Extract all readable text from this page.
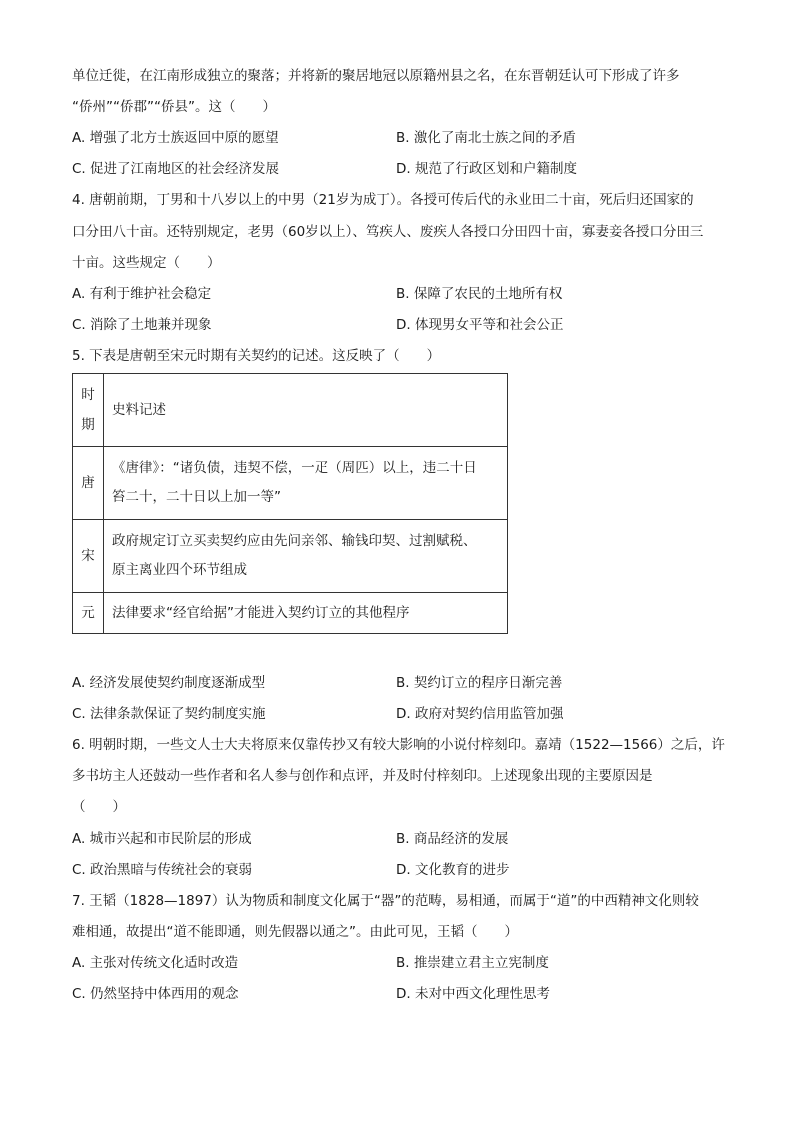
单位迁徙，在江南形成独立的聚落；并将新的聚居地冠以原籍州县之名，在东晋朝廷认可下形成了许多
“侨州”“侨郡”“侨县”。这（　　）
A. 增强了北方士族返回中原的愿望	B. 激化了南北士族之间的矛盾
C. 促进了江南地区的社会经济发展	D. 规范了行政区划和户籍制度
4. 唐朝前期，丁男和十八岁以上的中男（21岁为成丁）。各授可传后代的永业田二十亩，死后归还国家的
口分田八十亩。还特别规定，老男（60岁以上）、笃疾人、废疾人各授口分田四十亩，寡妻妾各授口分田三
十亩。这些规定（　　）
A. 有利于维护社会稳定	B. 保障了农民的土地所有权
C. 消除了土地兼并现象	D. 体现男女平等和社会公正
5. 下表是唐朝至宋元时期有关契约的记述。这反映了（　　）
时
期	史料记述
唐	《唐律》：“诸负债，违契不偿，一疋（周匹）以上，违二十日
笞二十，二十日以上加一等”

宋	政府规定订立买卖契约应由先问亲邻、输钱印契、过割赋税、
原主离业四个环节组成

元	法律要求“经官给据”才能进入契约订立的其他程序
A. 经济发展使契约制度逐渐成型	B. 契约订立的程序日渐完善
C. 法律条款保证了契约制度实施	D. 政府对契约信用监管加强
6. 明朝时期，一些文人士大夫将原来仅靠传抄又有较大影响的小说付梓刻印。嘉靖（1522—1566）之后，许
多书坊主人还鼓动一些作者和名人参与创作和点评，并及时付梓刻印。上述现象出现的主要原因是
（　　）
A. 城市兴起和市民阶层的形成	B. 商品经济的发展
C. 政治黑暗与传统社会的衰弱	D. 文化教育的进步
7. 王韬（1828—1897）认为物质和制度文化属于“器”的范畴，易相通，而属于“道”的中西精神文化则较
难相通，故提出“道不能即通，则先假器以通之”。由此可见，王韬（　　）
A. 主张对传统文化适时改造	B. 推崇建立君主立宪制度
C. 仍然坚持中体西用的观念	D. 未对中西文化理性思考
